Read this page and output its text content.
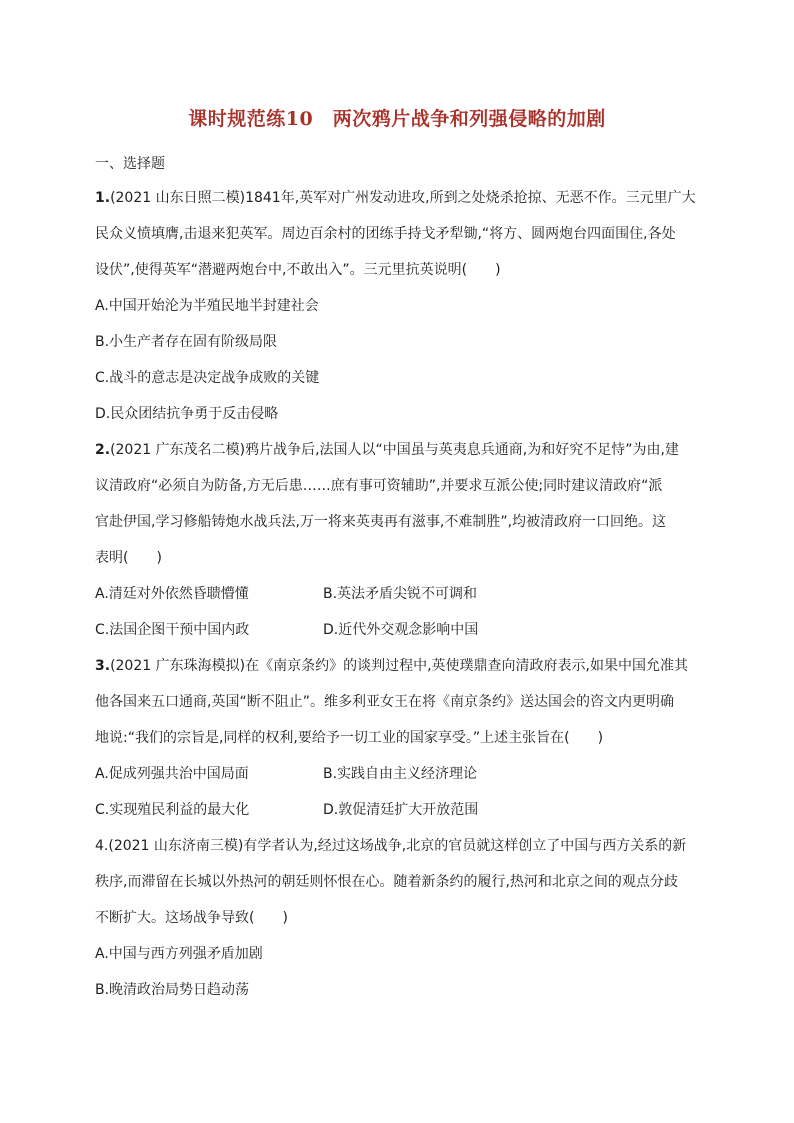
课时规范练10　两次鸦片战争和列强侵略的加剧
一、选择题
1.(2021 山东日照二模)1841年,英军对广州发动进攻,所到之处烧杀抢掠、无恶不作。三元里广大
民众义愤填膺,击退来犯英军。周边百余村的团练手持戈矛犁锄,“将方、圆两炮台四面围住,各处
设伏”,使得英军“潜避两炮台中,不敢出入”。三元里抗英说明(　　)
A.中国开始沦为半殖民地半封建社会
B.小生产者存在固有阶级局限
C.战斗的意志是决定战争成败的关键
D.民众团结抗争勇于反击侵略
2.(2021 广东茂名二模)鸦片战争后,法国人以“中国虽与英夷息兵通商,为和好究不足恃”为由,建
议清政府“必须自为防备,方无后患……庶有事可资辅助”,并要求互派公使;同时建议清政府“派
官赴伊国,学习修船铸炮水战兵法,万一将来英夷再有滋事,不难制胜”,均被清政府一口回绝。这
表明(　　)
A.清廷对外依然昏聩懵懂	B.英法矛盾尖锐不可调和
C.法国企图干预中国内政	D.近代外交观念影响中国
3.(2021 广东珠海模拟)在《南京条约》的谈判过程中,英使璞鼎查向清政府表示,如果中国允准其
他各国来五口通商,英国“断不阻止”。维多利亚女王在将《南京条约》送达国会的咨文内更明确
地说:“我们的宗旨是,同样的权利,要给予一切工业的国家享受。”上述主张旨在(　　)
A.促成列强共治中国局面	B.实践自由主义经济理论
C.实现殖民利益的最大化	D.敦促清廷扩大开放范围
4.(2021 山东济南三模)有学者认为,经过这场战争,北京的官员就这样创立了中国与西方关系的新
秩序,而滞留在长城以外热河的朝廷则怀恨在心。随着新条约的履行,热河和北京之间的观点分歧
不断扩大。这场战争导致(　　)
A.中国与西方列强矛盾加剧
B.晚清政治局势日趋动荡
